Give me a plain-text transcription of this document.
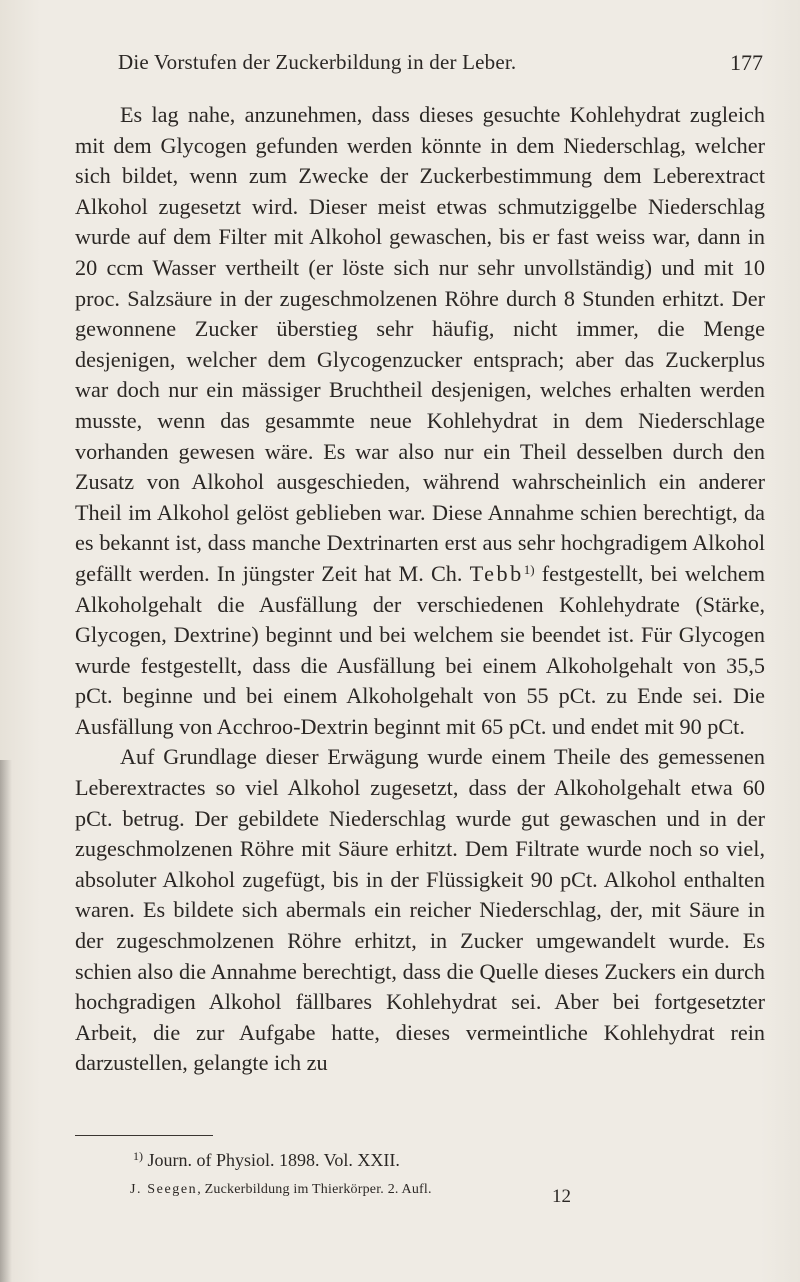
Die Vorstufen der Zuckerbildung in der Leber.	177

Es lag nahe, anzunehmen, dass dieses gesuchte Kohlehydrat zugleich mit dem Glycogen gefunden werden könnte in dem Niederschlag, welcher sich bildet, wenn zum Zwecke der Zuckerbestimmung dem Leberextract Alkohol zugesetzt wird. Dieser meist etwas schmutziggelbe Niederschlag wurde auf dem Filter mit Alkohol gewaschen, bis er fast weiss war, dann in 20 ccm Wasser vertheilt (er löste sich nur sehr unvollständig) und mit 10 proc. Salzsäure in der zugeschmolzenen Röhre durch 8 Stunden erhitzt. Der gewonnene Zucker überstieg sehr häufig, nicht immer, die Menge desjenigen, welcher dem Glycogenzucker entsprach; aber das Zuckerplus war doch nur ein mässiger Bruchtheil desjenigen, welches erhalten werden musste, wenn das gesammte neue Kohlehydrat in dem Niederschlage vorhanden gewesen wäre. Es war also nur ein Theil desselben durch den Zusatz von Alkohol ausgeschieden, während wahrscheinlich ein anderer Theil im Alkohol gelöst geblieben war. Diese Annahme schien berechtigt, da es bekannt ist, dass manche Dextrinarten erst aus sehr hochgradigem Alkohol gefällt werden. In jüngster Zeit hat M. Ch. Tebb$^{1)}$ festgestellt, bei welchem Alkoholgehalt die Ausfällung der verschiedenen Kohlehydrate (Stärke, Glycogen, Dextrine) beginnt und bei welchem sie beendet ist. Für Glycogen wurde festgestellt, dass die Ausfällung bei einem Alkoholgehalt von 35,5 pCt. beginne und bei einem Alkoholgehalt von 55 pCt. zu Ende sei. Die Ausfällung von Acchroo-Dextrin beginnt mit 65 pCt. und endet mit 90 pCt.

Auf Grundlage dieser Erwägung wurde einem Theile des gemessenen Leberextractes so viel Alkohol zugesetzt, dass der Alkoholgehalt etwa 60 pCt. betrug. Der gebildete Niederschlag wurde gut gewaschen und in der zugeschmolzenen Röhre mit Säure erhitzt. Dem Filtrate wurde noch so viel, absoluter Alkohol zugefügt, bis in der Flüssigkeit 90 pCt. Alkohol enthalten waren. Es bildete sich abermals ein reicher Niederschlag, der, mit Säure in der zugeschmolzenen Röhre erhitzt, in Zucker umgewandelt wurde. Es schien also die Annahme berechtigt, dass die Quelle dieses Zuckers ein durch hochgradigen Alkohol fällbares Kohlehydrat sei. Aber bei fortgesetzter Arbeit, die zur Aufgabe hatte, dieses vermeintliche Kohlehydrat rein darzustellen, gelangte ich zu

$^{1)}$ Journ. of Physiol. 1898. Vol. XXII.
J. Seegen, Zuckerbildung im Thierkörper. 2. Aufl.	12
